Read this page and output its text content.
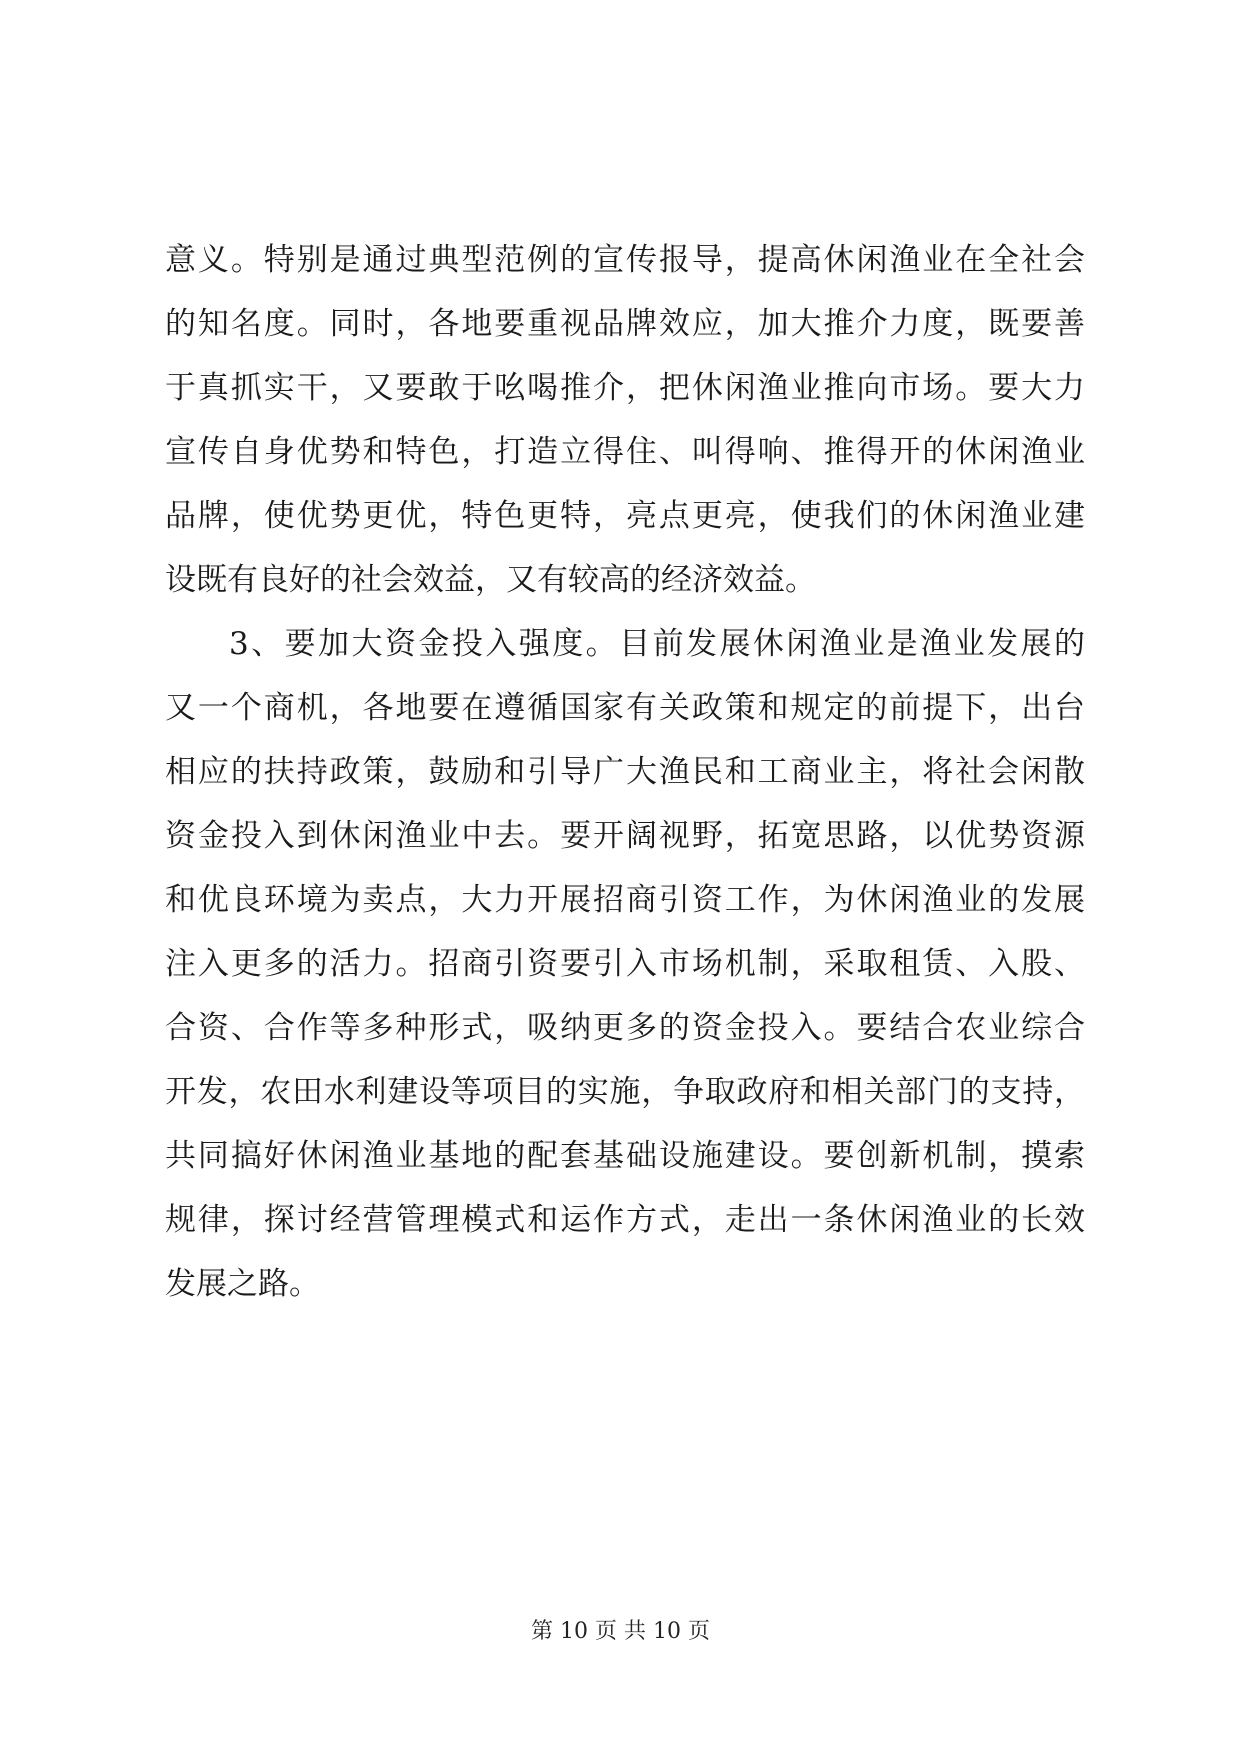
意义。特别是通过典型范例的宣传报导，提高休闲渔业在全社会
的知名度。同时，各地要重视品牌效应，加大推介力度，既要善
于真抓实干，又要敢于吆喝推介，把休闲渔业推向市场。要大力
宣传自身优势和特色，打造立得住、叫得响、推得开的休闲渔业
品牌，使优势更优，特色更特，亮点更亮，使我们的休闲渔业建
设既有良好的社会效益，又有较高的经济效益。
3、要加大资金投入强度。目前发展休闲渔业是渔业发展的
又一个商机，各地要在遵循国家有关政策和规定的前提下，出台
相应的扶持政策，鼓励和引导广大渔民和工商业主，将社会闲散
资金投入到休闲渔业中去。要开阔视野，拓宽思路，以优势资源
和优良环境为卖点，大力开展招商引资工作，为休闲渔业的发展
注入更多的活力。招商引资要引入市场机制，采取租赁、入股、
合资、合作等多种形式，吸纳更多的资金投入。要结合农业综合
开发，农田水利建设等项目的实施，争取政府和相关部门的支持，
共同搞好休闲渔业基地的配套基础设施建设。要创新机制，摸索
规律，探讨经营管理模式和运作方式，走出一条休闲渔业的长效
发展之路。
第 10 页 共 10 页
